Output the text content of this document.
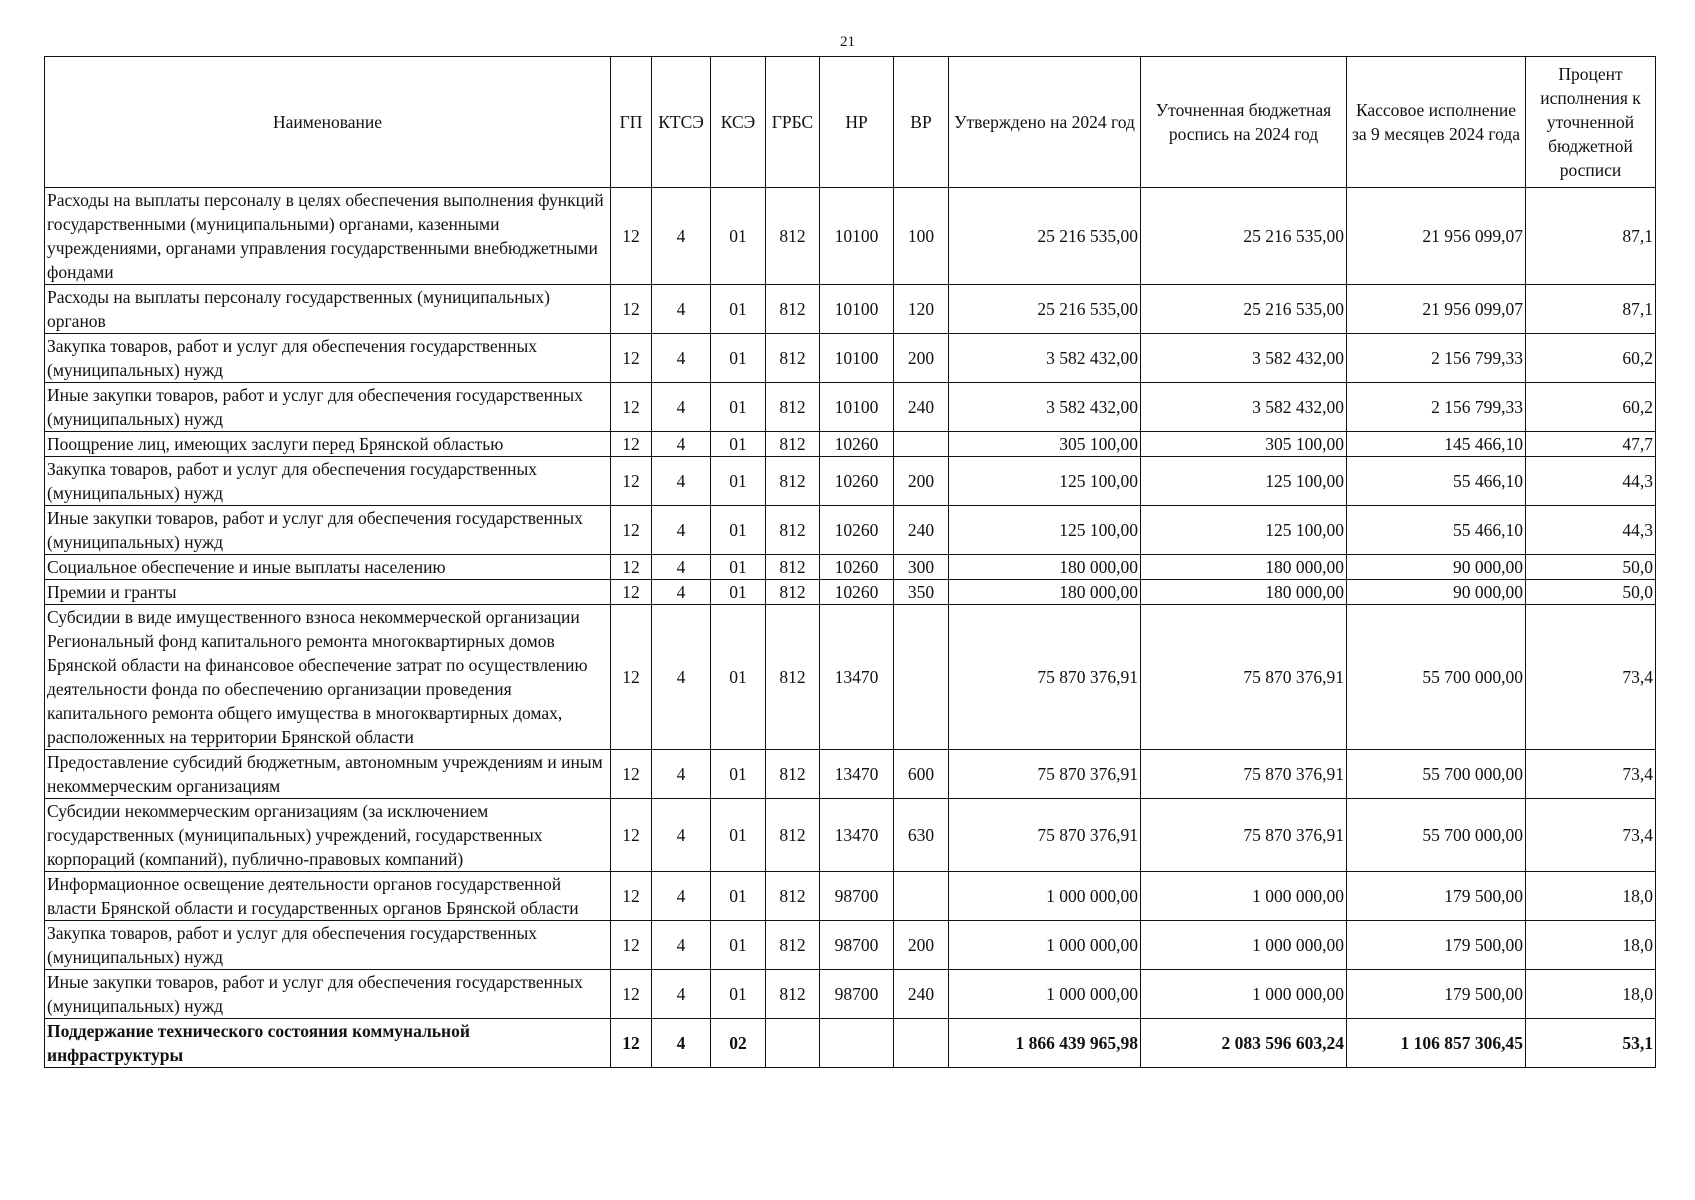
21
Наименование	ГП	КТСЭ	КСЭ	ГРБС	НР	ВР	Утверждено на 2024 год	Уточненная бюджетная роспись на 2024 год	Кассовое исполнение за 9 месяцев 2024 года	Процент исполнения к уточненной бюджетной росписи
Расходы на выплаты персоналу в целях обеспечения выполнения функций государственными (муниципальными) органами, казенными учреждениями, органами управления государственными внебюджетными фондами	12	4	01	812	10100	100	25 216 535,00	25 216 535,00	21 956 099,07	87,1
Расходы на выплаты персоналу государственных (муниципальных) органов	12	4	01	812	10100	120	25 216 535,00	25 216 535,00	21 956 099,07	87,1
Закупка товаров, работ и услуг для обеспечения государственных (муниципальных) нужд	12	4	01	812	10100	200	3 582 432,00	3 582 432,00	2 156 799,33	60,2
Иные закупки товаров, работ и услуг для обеспечения государственных (муниципальных) нужд	12	4	01	812	10100	240	3 582 432,00	3 582 432,00	2 156 799,33	60,2
Поощрение лиц, имеющих заслуги перед Брянской областью	12	4	01	812	10260		305 100,00	305 100,00	145 466,10	47,7
Закупка товаров, работ и услуг для обеспечения государственных (муниципальных) нужд	12	4	01	812	10260	200	125 100,00	125 100,00	55 466,10	44,3
Иные закупки товаров, работ и услуг для обеспечения государственных (муниципальных) нужд	12	4	01	812	10260	240	125 100,00	125 100,00	55 466,10	44,3
Социальное обеспечение и иные выплаты населению	12	4	01	812	10260	300	180 000,00	180 000,00	90 000,00	50,0
Премии и гранты	12	4	01	812	10260	350	180 000,00	180 000,00	90 000,00	50,0
Субсидии в виде имущественного взноса некоммерческой организации Региональный фонд капитального ремонта многоквартирных домов Брянской области на финансовое обеспечение затрат по осуществлению деятельности фонда по обеспечению организации проведения капитального ремонта общего имущества в многоквартирных домах, расположенных на территории Брянской области	12	4	01	812	13470		75 870 376,91	75 870 376,91	55 700 000,00	73,4
Предоставление субсидий бюджетным, автономным учреждениям и иным некоммерческим организациям	12	4	01	812	13470	600	75 870 376,91	75 870 376,91	55 700 000,00	73,4
Субсидии некоммерческим организациям (за исключением государственных (муниципальных) учреждений, государственных корпораций (компаний), публично-правовых компаний)	12	4	01	812	13470	630	75 870 376,91	75 870 376,91	55 700 000,00	73,4
Информационное освещение деятельности органов государственной власти Брянской области и государственных органов Брянской области	12	4	01	812	98700		1 000 000,00	1 000 000,00	179 500,00	18,0
Закупка товаров, работ и услуг для обеспечения государственных (муниципальных) нужд	12	4	01	812	98700	200	1 000 000,00	1 000 000,00	179 500,00	18,0
Иные закупки товаров, работ и услуг для обеспечения государственных (муниципальных) нужд	12	4	01	812	98700	240	1 000 000,00	1 000 000,00	179 500,00	18,0
Поддержание технического состояния коммунальной инфраструктуры	12	4	02				1 866 439 965,98	2 083 596 603,24	1 106 857 306,45	53,1
